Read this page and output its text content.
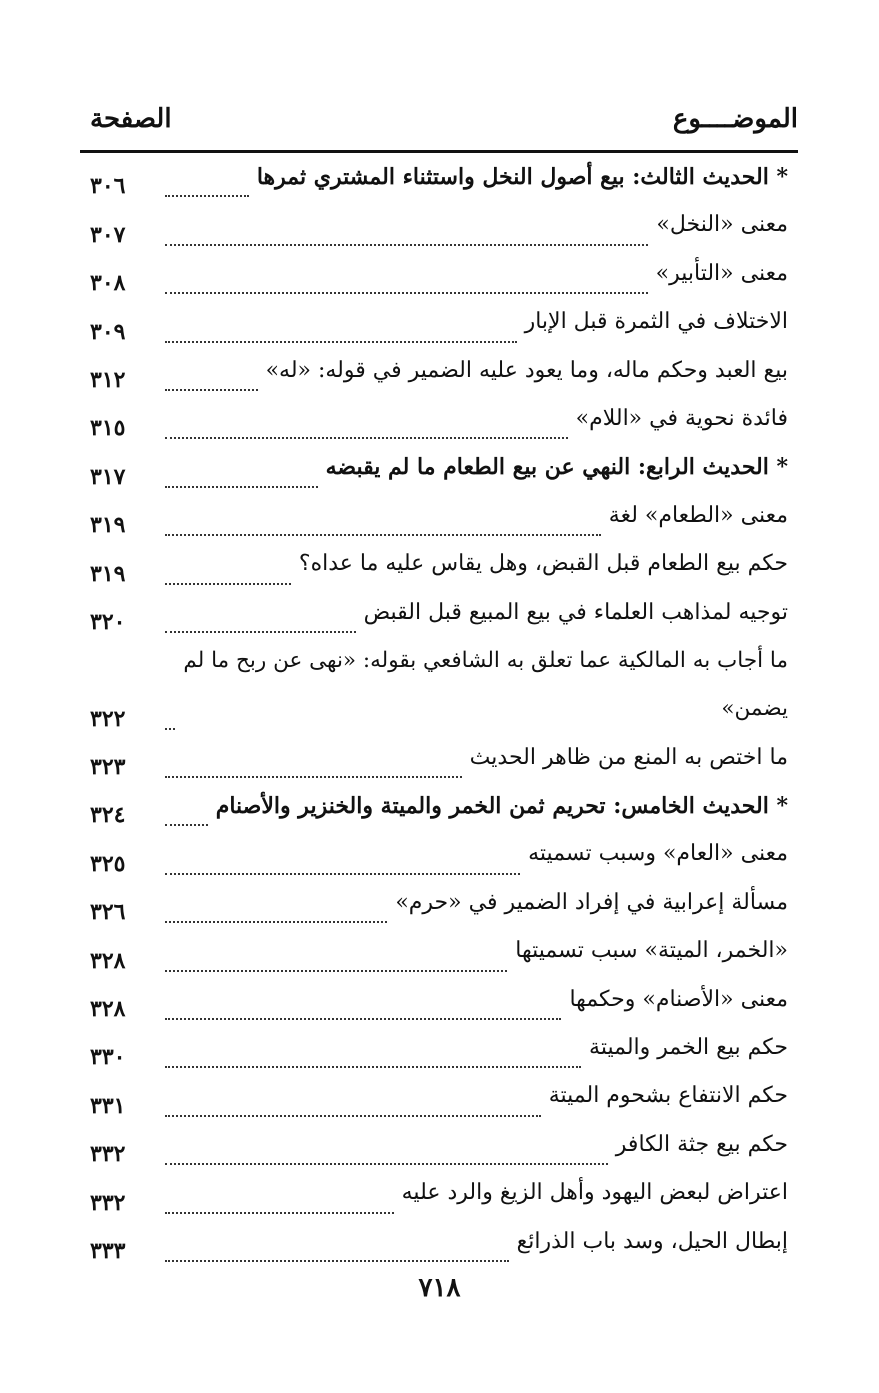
الموضــــوع
الصفحة
* الحديث الثالث: بيع أصول النخل واستثناء المشتري ثمرها
٣٠٦
معنى «النخل»
٣٠٧
معنى «التأبير»
٣٠٨
الاختلاف في الثمرة قبل الإبار
٣٠٩
بيع العبد وحكم ماله، وما يعود عليه الضمير في قوله: «له»
٣١٢
فائدة نحوية في «اللام»
٣١٥
* الحديث الرابع: النهي عن بيع الطعام ما لم يقبضه
٣١٧
معنى «الطعام» لغة
٣١٩
حكم بيع الطعام قبل القبض، وهل يقاس عليه ما عداه؟
٣١٩
توجيه لمذاهب العلماء في بيع المبيع قبل القبض
٣٢٠
ما أجاب به المالكية عما تعلق به الشافعي بقوله: «نهى عن ربح ما لم
يضمن»
٣٢٢
ما اختص به المنع من ظاهر الحديث
٣٢٣
* الحديث الخامس: تحريم ثمن الخمر والميتة والخنزير والأصنام
٣٢٤
معنى «العام» وسبب تسميته
٣٢٥
مسألة إعرابية في إفراد الضمير في «حرم»
٣٢٦
«الخمر، الميتة» سبب تسميتها
٣٢٨
معنى «الأصنام» وحكمها
٣٢٨
حكم بيع الخمر والميتة
٣٣٠
حكم الانتفاع بشحوم الميتة
٣٣١
حكم بيع جثة الكافر
٣٣٢
اعتراض لبعض اليهود وأهل الزيغ والرد عليه
٣٣٢
إبطال الحيل، وسد باب الذرائع
٣٣٣
٧١٨
